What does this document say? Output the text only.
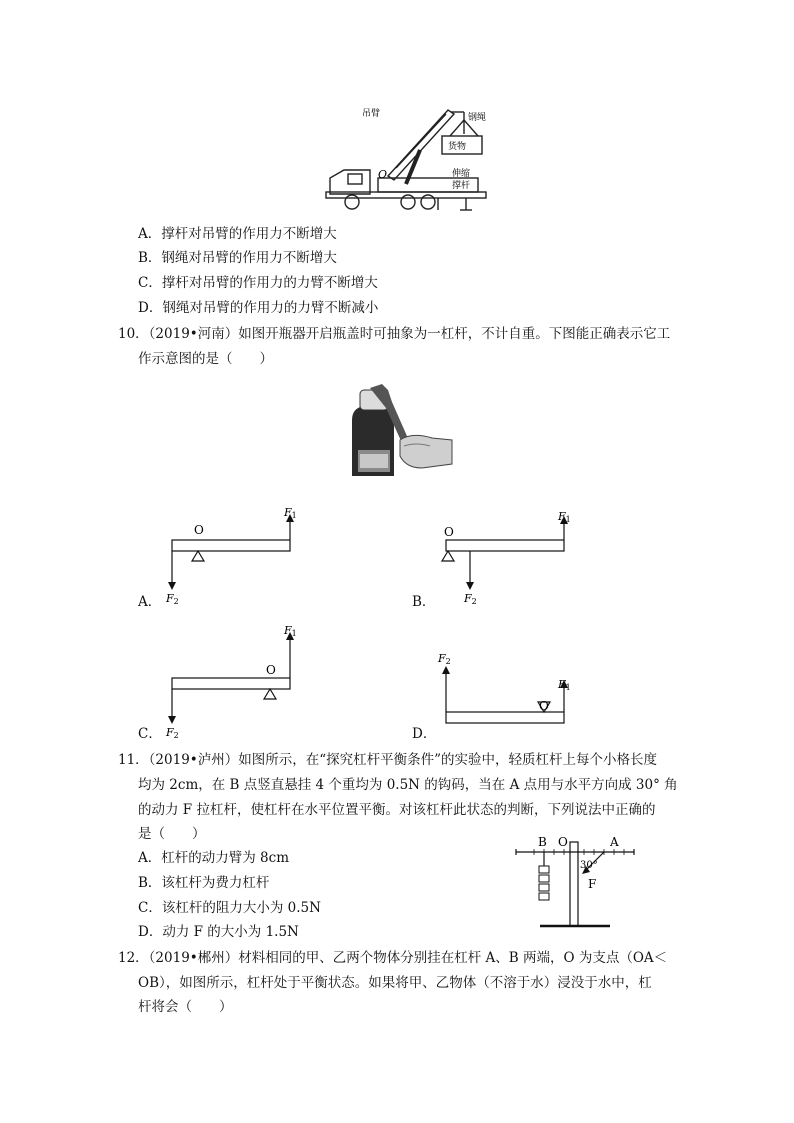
吊臂	钢绳
货物
O	伸缩
撑杆
A．撑杆对吊臂的作用力不断增大
B．钢绳对吊臂的作用力不断增大
C．撑杆对吊臂的作用力的力臂不断增大
D．钢绳对吊臂的作用力的力臂不断减小
10．（2019•河南）如图开瓶器开启瓶盖时可抽象为一杠杆，不计自重。下图能正确表示它工
作示意图的是（　　）
O
F1
F2
A．
O
F1
F2
B．
O
F1
F2
C．
O
F2
F1
D．
11．（2019•泸州）如图所示，在“探究杠杆平衡条件”的实验中，轻质杠杆上每个小格长度
均为 2cm，在 B 点竖直悬挂 4 个重均为 0.5N 的钩码，当在 A 点用与水平方向成 30° 角
的动力 F 拉杠杆，使杠杆在水平位置平衡。对该杠杆此状态的判断，下列说法中正确的
是（　　）
A．杠杆的动力臂为 8cm
B．该杠杆为费力杠杆
C．该杠杆的阻力大小为 0.5N
D．动力 F 的大小为 1.5N
B O	A
30°
F
12．（2019•郴州）材料相同的甲、乙两个物体分别挂在杠杆 A、B 两端，O 为支点（OA＜
OB），如图所示，杠杆处于平衡状态。如果将甲、乙物体（不溶于水）浸没于水中，杠
杆将会（　　）
